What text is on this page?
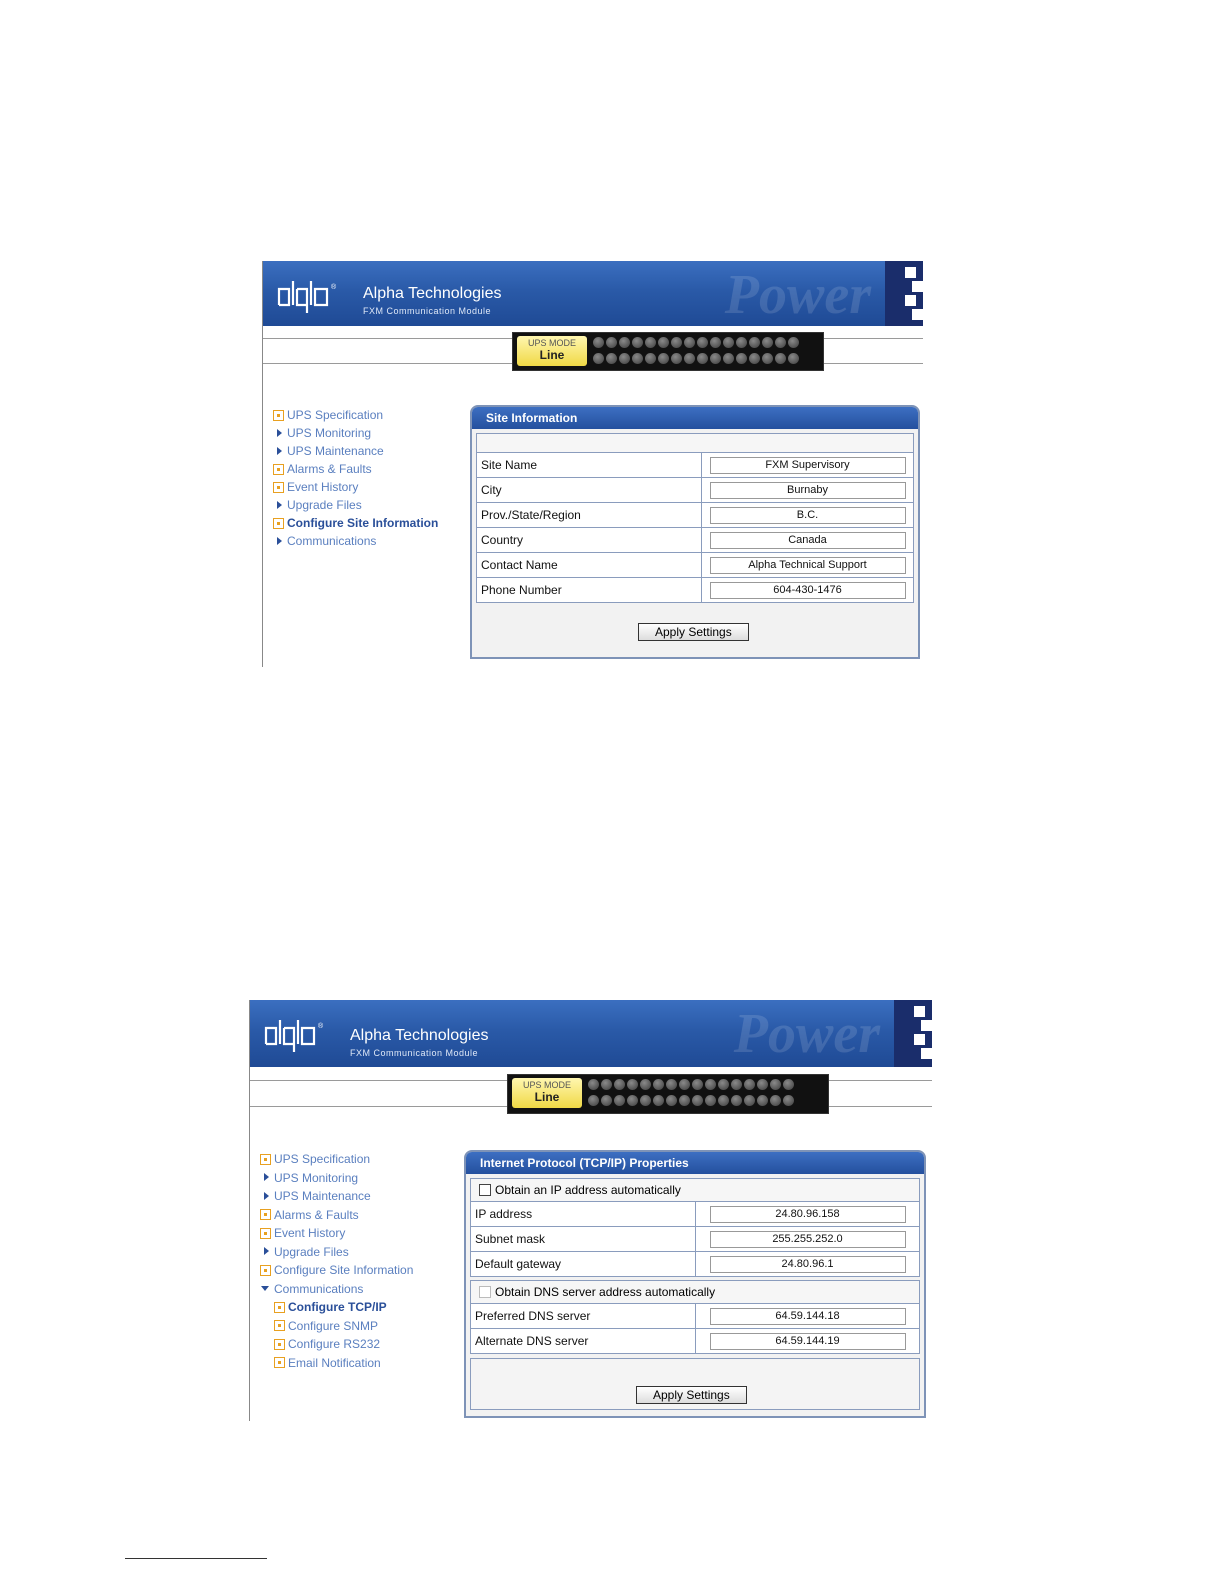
® Alpha Technologies
FXM Communication Module	Power
UPS MODE
Line
UPS Specification
UPS Monitoring
UPS Maintenance
Alarms & Faults
Event History
Upgrade Files
Configure Site Information
Communications
Site Information
Site Name
FXM Supervisory
City
Burnaby
Prov./State/Region
B.C.
Country
Canada
Contact Name
Alpha Technical Support
Phone Number
604-430-1476
Apply Settings
®
Alpha Technologies
FXM Communication Module	Power
UPS MODE
Line
UPS Specification
UPS Monitoring
UPS Maintenance
Alarms & Faults
Event History
Upgrade Files
Configure Site Information
Communications
Configure TCP/IP
Configure SNMP
Configure RS232
Email Notification
Internet Protocol (TCP/IP) Properties
Obtain an IP address automatically
IP address
24.80.96.158
Subnet mask
255.255.252.0
Default gateway
24.80.96.1
Obtain DNS server address automatically
Preferred DNS server
64.59.144.18
Alternate DNS server
64.59.144.19
Apply Settings
